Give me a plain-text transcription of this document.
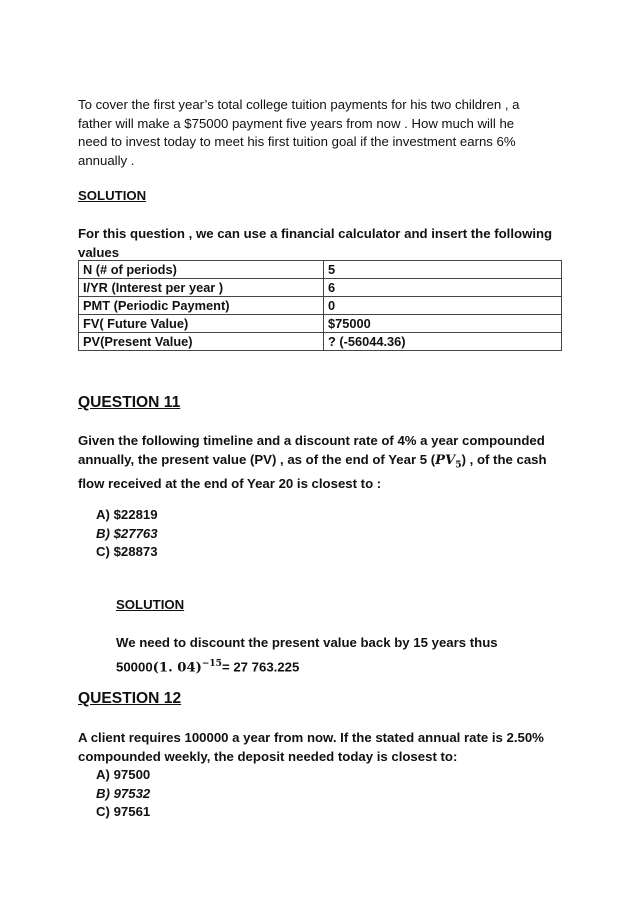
To cover the first year’s total college tuition payments for his two children , a

father will make a $75000 payment five years from now . How much will he

need to invest today to meet his first tuition goal if the investment earns 6%

annually .

SOLUTION

For this question , we can use a financial calculator and insert the following

values

N (# of periods)	5
I/YR (Interest per year )	6
PMT (Periodic Payment)	0
FV( Future Value)	$75000
PV(Present Value)	? (-56044.36)
QUESTION 11

Given the following timeline and a discount rate of 4% a year compounded

annually, the present value (PV) , as of the end of Year 5 $(PV_5)$ , of the cash

flow received at the end of Year 20 is closest to :

A) $22819
B) $27763
C) $28873
SOLUTION

We need to discount the present value back by 15 years thus

50000(1. 04)$^{-15}$= 27 763.225

QUESTION 12

A client requires 100000 a year from now. If the stated annual rate is 2.50%

compounded weekly, the deposit needed today is closest to:

A) 97500
B) 97532
C) 97561
